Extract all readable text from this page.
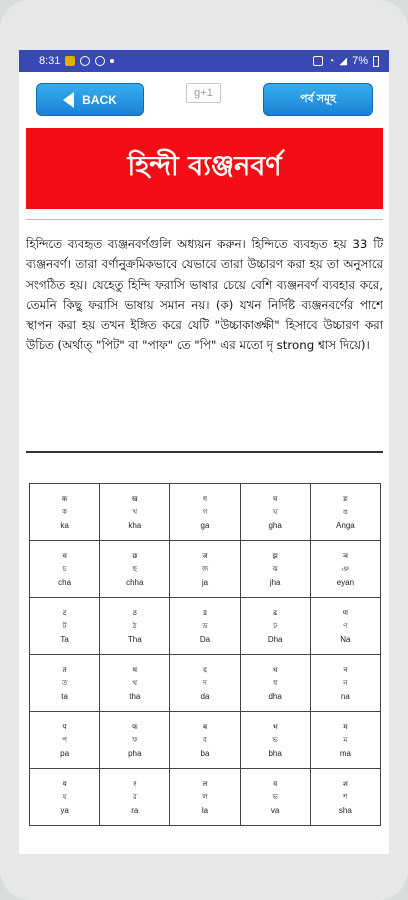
8:31	◔ ◢ 7%
BACK	g+1	পর্ব সমূহ
হিন্দী ব্যঞ্জনবর্ণ
হিন্দিতে ব্যবহৃত ব্যঞ্জনবর্ণগুলি অধ্যয়ন করুন। হিন্দিতে ব্যবহৃত হয় 33 টি ব্যঞ্জনবর্ণ। তারা বর্ণানুক্রমিকভাবে যেভাবে তারা উচ্চারণ করা হয় তা অনুসারে সংগঠিত হয়। যেহেতু হিন্দি ফরাসি ভাষার চেয়ে বেশি ব্যঞ্জনবর্ণ ব্যবহার করে, তেমনি কিছু ফরাসি ভাষায় সমান নয়। (ক) যখন নির্দিষ্ট ব্যঞ্জনবর্ণের পাশে স্থাপন করা হয় তখন ইঙ্গিত করে যেটি "উচ্চাকাঙ্ক্ষী" হিসাবে উচ্চারণ করা উচিত (অর্থাত্ "পিট" বা "পাফ" তে "পি" এর মতো দৃ strong শ্বাস দিয়ে)।
क
ক
ka	ख
খ
kha	ग
গ
ga	घ
ঘ
gha	ङ
ঙ
Anga

च
চ
cha	छ
ছ
chha	ज
জ
ja	झ
ঝ
jha	ञ
ঞ
eyan

ट
ট
Ta	ठ
ঠ
Tha	ड
ড
Da	ढ
ঢ
Dha	ण
ণ
Na

त
ত
ta	थ
থ
tha	द
দ
da	ध
ধ
dha	न
ন
na

प
প
pa	फ
ফ
pha	ब
ব
ba	भ
ভ
bha	म
ম
ma

य
য
ya	र
র
ra	ल
ল
la	व
ভ
va	श
শ
sha
